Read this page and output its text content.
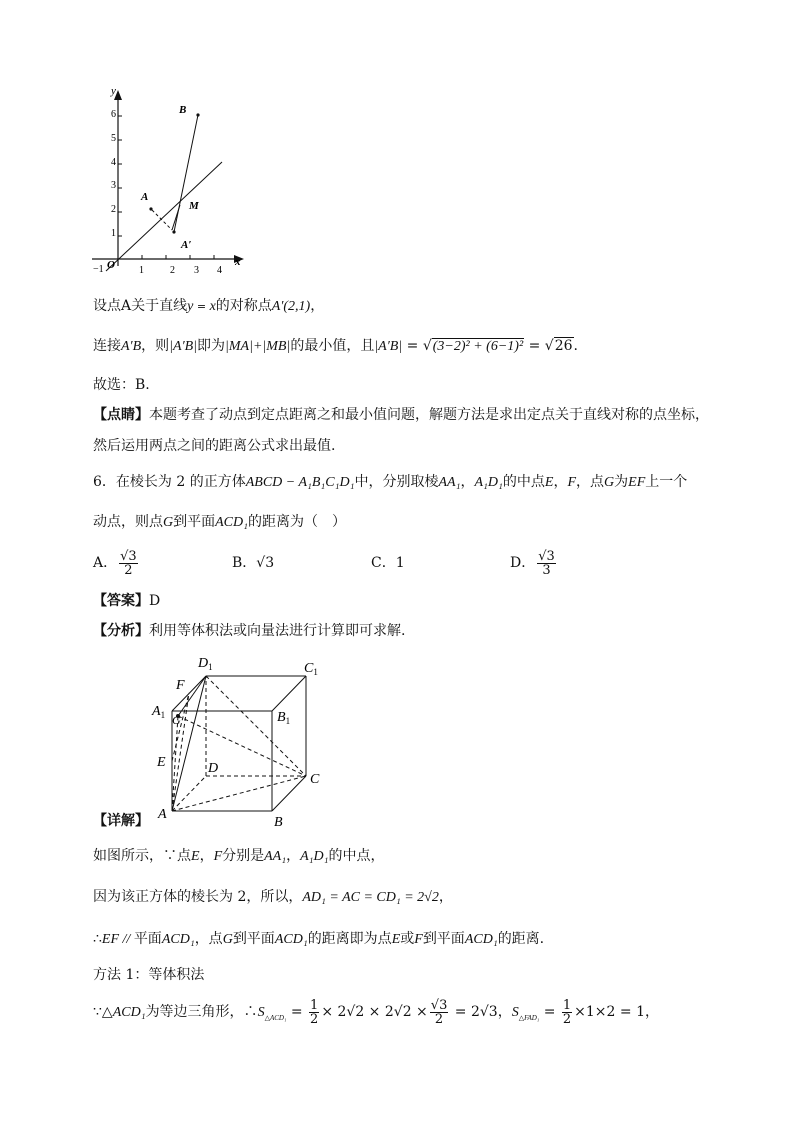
y
x
O
−1	1	2 3 4
1
2
3
4
5
6
A
B
M
A′
设点A关于直线y = x的对称点A′(2,1)，
连接A′B，则|A′B|即为|MA|+|MB|的最小值，且|A′B| = √(3−2)² + (6−1)² = √26.
故选：B.
【点睛】本题考查了动点到定点距离之和最小值问题，解题方法是求出定点关于直线对称的点坐标，
然后运用两点之间的距离公式求出最值.
6．在棱长为 2 的正方体ABCD − A₁B₁C₁D₁中，分别取棱AA₁，A₁D₁的中点E，F，点G为EF上一个
动点，则点G到平面ACD₁的距离为（　）
A． $\frac{√3}{2}$	B．√3	C．1	D． $\frac{√3}{3}$
【答案】D
【分析】利用等体积法或向量法进行计算即可求解.
$D_1$	$C_1$
$A_1$	$B_1$
F
G
E	D
C
A
B
【详解】
如图所示，∵点E，F分别是AA₁，A₁D₁的中点，
因为该正方体的棱长为 2，所以，AD₁ = AC = CD₁ = 2√2，
∴EF // 平面ACD₁，点G到平面ACD₁的距离即为点E或F到平面ACD₁的距离.
方法 1：等体积法
∵△ACD₁为等边三角形，$\therefore S_{\triangle ACD_1} = \frac{1}{2} \times 2√2 \times 2√2 \times \frac{√3}{2} = 2√3$，$S_{\triangle FAD_1} = \frac{1}{2} \times 1\times 2 = 1$，
